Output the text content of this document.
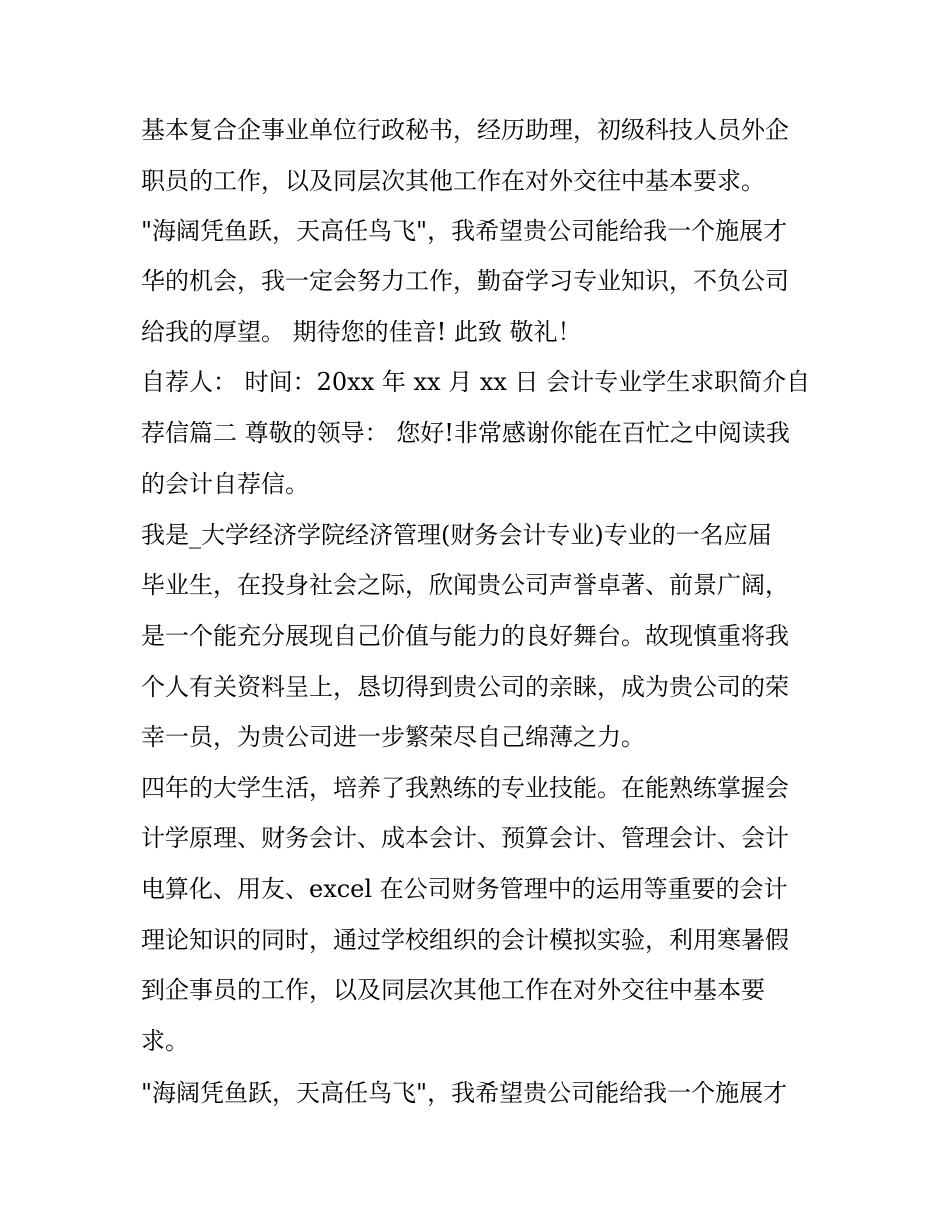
基本复合企事业单位行政秘书，经历助理，初级科技人员外企
职员的工作，以及同层次其他工作在对外交往中基本要求。
"海阔凭鱼跃，天高任鸟飞"，我希望贵公司能给我一个施展才
华的机会，我一定会努力工作，勤奋学习专业知识，不负公司
给我的厚望。 期待您的佳音! 此致 敬礼！
自荐人： 时间：20xx 年 xx 月 xx 日 会计专业学生求职简介自
荐信篇二 尊敬的领导： 您好!非常感谢你能在百忙之中阅读我
的会计自荐信。
我是_大学经济学院经济管理(财务会计专业)专业的一名应届
毕业生，在投身社会之际，欣闻贵公司声誉卓著、前景广阔，
是一个能充分展现自己价值与能力的良好舞台。故现慎重将我
个人有关资料呈上，恳切得到贵公司的亲睐，成为贵公司的荣
幸一员，为贵公司进一步繁荣尽自己绵薄之力。
四年的大学生活，培养了我熟练的专业技能。在能熟练掌握会
计学原理、财务会计、成本会计、预算会计、管理会计、会计
电算化、用友、excel 在公司财务管理中的运用等重要的会计
理论知识的同时，通过学校组织的会计模拟实验，利用寒暑假
到企事员的工作，以及同层次其他工作在对外交往中基本要
求。
"海阔凭鱼跃，天高任鸟飞"，我希望贵公司能给我一个施展才
